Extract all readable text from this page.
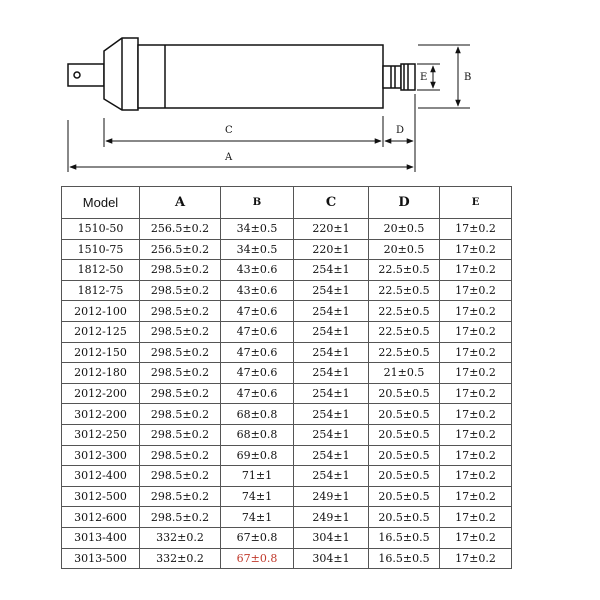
C	D
A
E	B
Model	A	B	C	D	E
1510-50	256.5±0.2	34±0.5	220±1	20±0.5	17±0.2
1510-75	256.5±0.2	34±0.5	220±1	20±0.5	17±0.2
1812-50	298.5±0.2	43±0.6	254±1	22.5±0.5	17±0.2
1812-75	298.5±0.2	43±0.6	254±1	22.5±0.5	17±0.2
2012-100	298.5±0.2	47±0.6	254±1	22.5±0.5	17±0.2
2012-125	298.5±0.2	47±0.6	254±1	22.5±0.5	17±0.2
2012-150	298.5±0.2	47±0.6	254±1	22.5±0.5	17±0.2
2012-180	298.5±0.2	47±0.6	254±1	21±0.5	17±0.2
2012-200	298.5±0.2	47±0.6	254±1	20.5±0.5	17±0.2
3012-200	298.5±0.2	68±0.8	254±1	20.5±0.5	17±0.2
3012-250	298.5±0.2	68±0.8	254±1	20.5±0.5	17±0.2
3012-300	298.5±0.2	69±0.8	254±1	20.5±0.5	17±0.2
3012-400	298.5±0.2	71±1	254±1	20.5±0.5	17±0.2
3012-500	298.5±0.2	74±1	249±1	20.5±0.5	17±0.2
3012-600	298.5±0.2	74±1	249±1	20.5±0.5	17±0.2
3013-400	332±0.2	67±0.8	304±1	16.5±0.5	17±0.2
3013-500	332±0.2	67±0.8	304±1	16.5±0.5	17±0.2
